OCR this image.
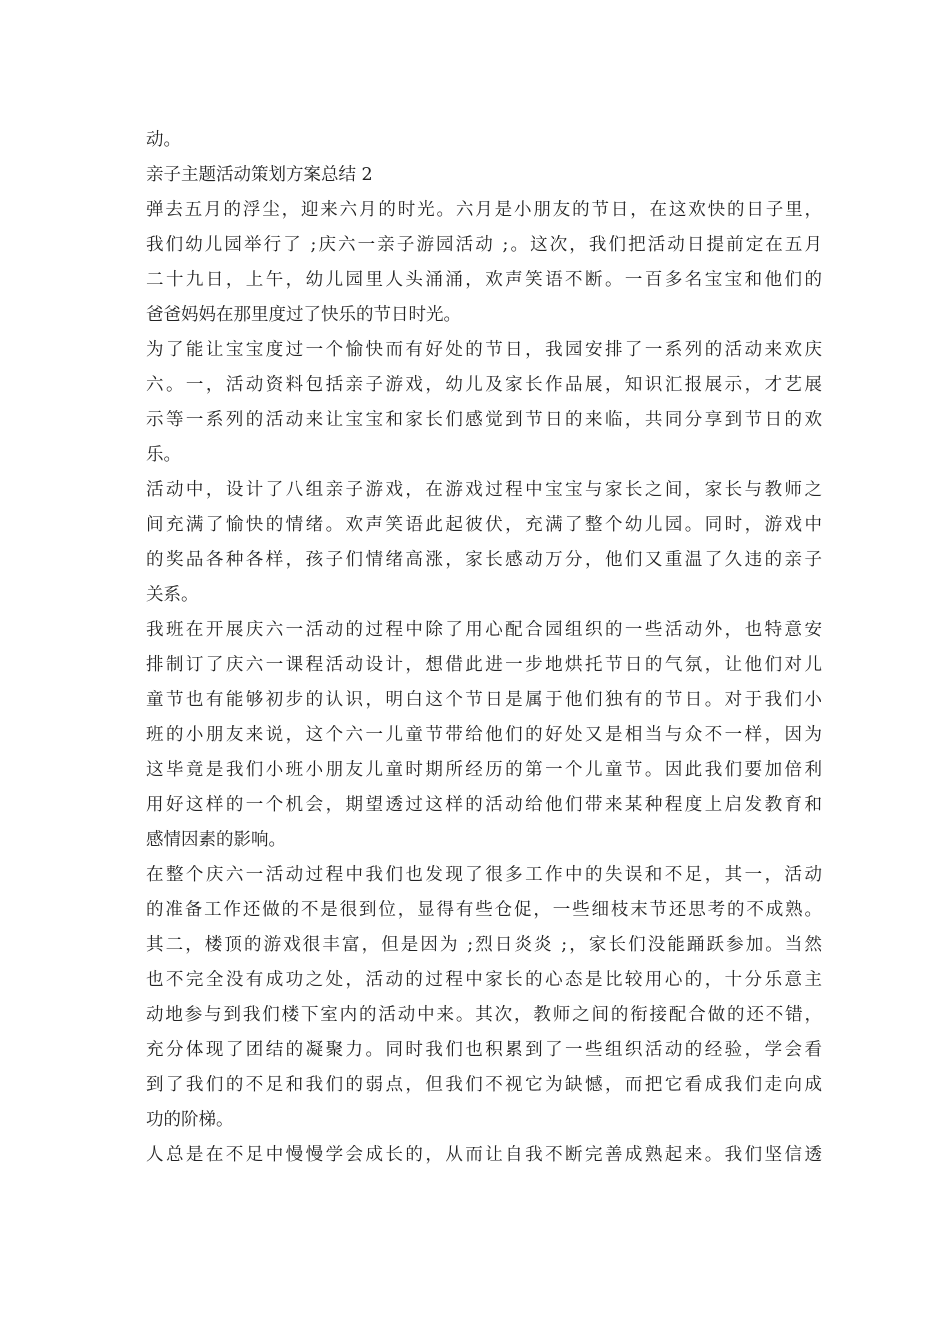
动。
亲子主题活动策划方案总结 2
弹去五月的浮尘，迎来六月的时光。六月是小朋友的节日，在这欢快的日子里，
我们幼儿园举行了 ;庆六一亲子游园活动 ;。这次，我们把活动日提前定在五月
二十九日，上午，幼儿园里人头涌涌，欢声笑语不断。一百多名宝宝和他们的
爸爸妈妈在那里度过了快乐的节日时光。
为了能让宝宝度过一个愉快而有好处的节日，我园安排了一系列的活动来欢庆
六。一，活动资料包括亲子游戏，幼儿及家长作品展，知识汇报展示，才艺展
示等一系列的活动来让宝宝和家长们感觉到节日的来临，共同分享到节日的欢
乐。
活动中，设计了八组亲子游戏，在游戏过程中宝宝与家长之间，家长与教师之
间充满了愉快的情绪。欢声笑语此起彼伏，充满了整个幼儿园。同时，游戏中
的奖品各种各样，孩子们情绪高涨，家长感动万分，他们又重温了久违的亲子
关系。
我班在开展庆六一活动的过程中除了用心配合园组织的一些活动外，也特意安
排制订了庆六一课程活动设计，想借此进一步地烘托节日的气氛，让他们对儿
童节也有能够初步的认识，明白这个节日是属于他们独有的节日。对于我们小
班的小朋友来说，这个六一儿童节带给他们的好处又是相当与众不一样，因为
这毕竟是我们小班小朋友儿童时期所经历的第一个儿童节。因此我们要加倍利
用好这样的一个机会，期望透过这样的活动给他们带来某种程度上启发教育和
感情因素的影响。
在整个庆六一活动过程中我们也发现了很多工作中的失误和不足，其一，活动
的准备工作还做的不是很到位，显得有些仓促，一些细枝末节还思考的不成熟。
其二，楼顶的游戏很丰富，但是因为 ;烈日炎炎 ;，家长们没能踊跃参加。当然
也不完全没有成功之处，活动的过程中家长的心态是比较用心的，十分乐意主
动地参与到我们楼下室内的活动中来。其次，教师之间的衔接配合做的还不错，
充分体现了团结的凝聚力。同时我们也积累到了一些组织活动的经验，学会看
到了我们的不足和我们的弱点，但我们不视它为缺憾，而把它看成我们走向成
功的阶梯。
人总是在不足中慢慢学会成长的，从而让自我不断完善成熟起来。我们坚信透
